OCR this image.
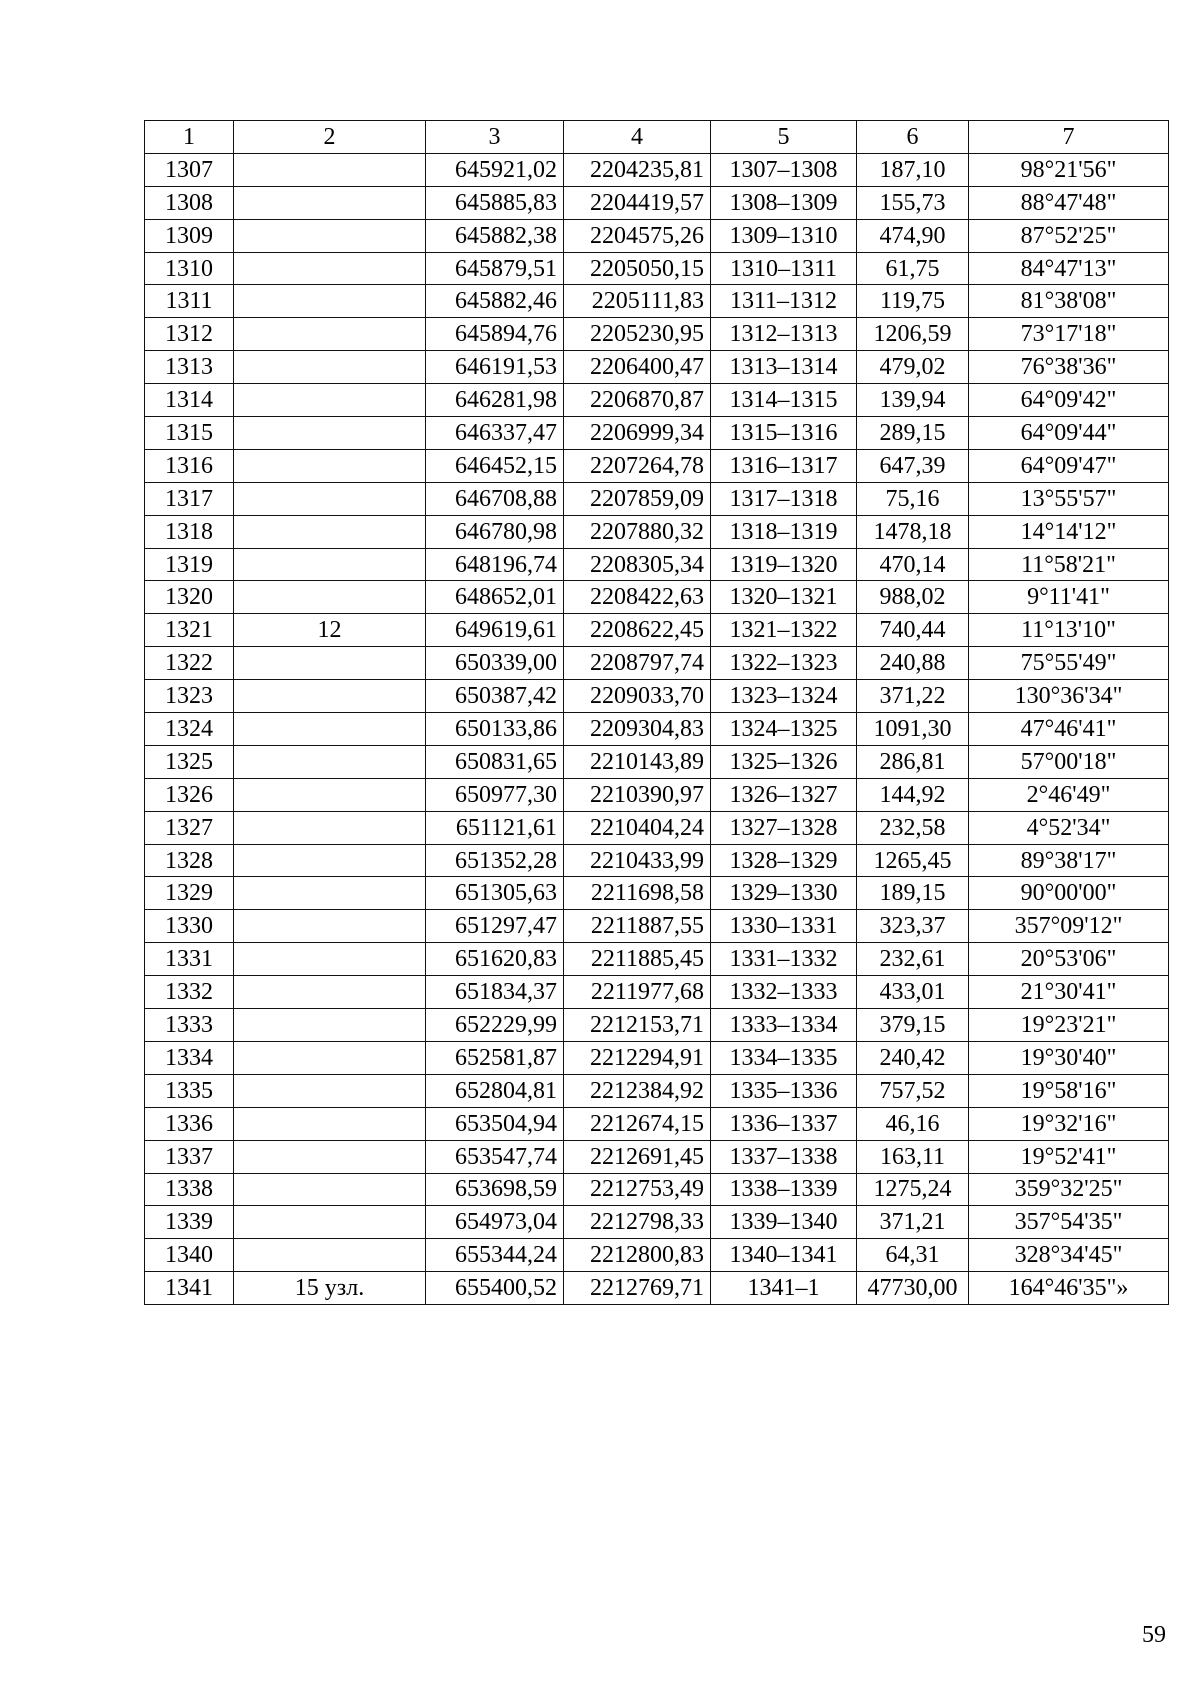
1	2	3	4	5	6	7
1307		645921,02	2204235,81	1307–1308	187,10	98°21'56"
1308		645885,83	2204419,57	1308–1309	155,73	88°47'48"
1309		645882,38	2204575,26	1309–1310	474,90	87°52'25"
1310		645879,51	2205050,15	1310–1311	61,75	84°47'13"
1311		645882,46	2205111,83	1311–1312	119,75	81°38'08"
1312		645894,76	2205230,95	1312–1313	1206,59	73°17'18"
1313		646191,53	2206400,47	1313–1314	479,02	76°38'36"
1314		646281,98	2206870,87	1314–1315	139,94	64°09'42"
1315		646337,47	2206999,34	1315–1316	289,15	64°09'44"
1316		646452,15	2207264,78	1316–1317	647,39	64°09'47"
1317		646708,88	2207859,09	1317–1318	75,16	13°55'57"
1318		646780,98	2207880,32	1318–1319	1478,18	14°14'12"
1319		648196,74	2208305,34	1319–1320	470,14	11°58'21"
1320		648652,01	2208422,63	1320–1321	988,02	9°11'41"
1321	12	649619,61	2208622,45	1321–1322	740,44	11°13'10"
1322		650339,00	2208797,74	1322–1323	240,88	75°55'49"
1323		650387,42	2209033,70	1323–1324	371,22	130°36'34"
1324		650133,86	2209304,83	1324–1325	1091,30	47°46'41"
1325		650831,65	2210143,89	1325–1326	286,81	57°00'18"
1326		650977,30	2210390,97	1326–1327	144,92	2°46'49"
1327		651121,61	2210404,24	1327–1328	232,58	4°52'34"
1328		651352,28	2210433,99	1328–1329	1265,45	89°38'17"
1329		651305,63	2211698,58	1329–1330	189,15	90°00'00"
1330		651297,47	2211887,55	1330–1331	323,37	357°09'12"
1331		651620,83	2211885,45	1331–1332	232,61	20°53'06"
1332		651834,37	2211977,68	1332–1333	433,01	21°30'41"
1333		652229,99	2212153,71	1333–1334	379,15	19°23'21"
1334		652581,87	2212294,91	1334–1335	240,42	19°30'40"
1335		652804,81	2212384,92	1335–1336	757,52	19°58'16"
1336		653504,94	2212674,15	1336–1337	46,16	19°32'16"
1337		653547,74	2212691,45	1337–1338	163,11	19°52'41"
1338		653698,59	2212753,49	1338–1339	1275,24	359°32'25"
1339		654973,04	2212798,33	1339–1340	371,21	357°54'35"
1340		655344,24	2212800,83	1340–1341	64,31	328°34'45"
1341	15 узл.	655400,52	2212769,71	1341–1	47730,00	164°46'35"»
59
